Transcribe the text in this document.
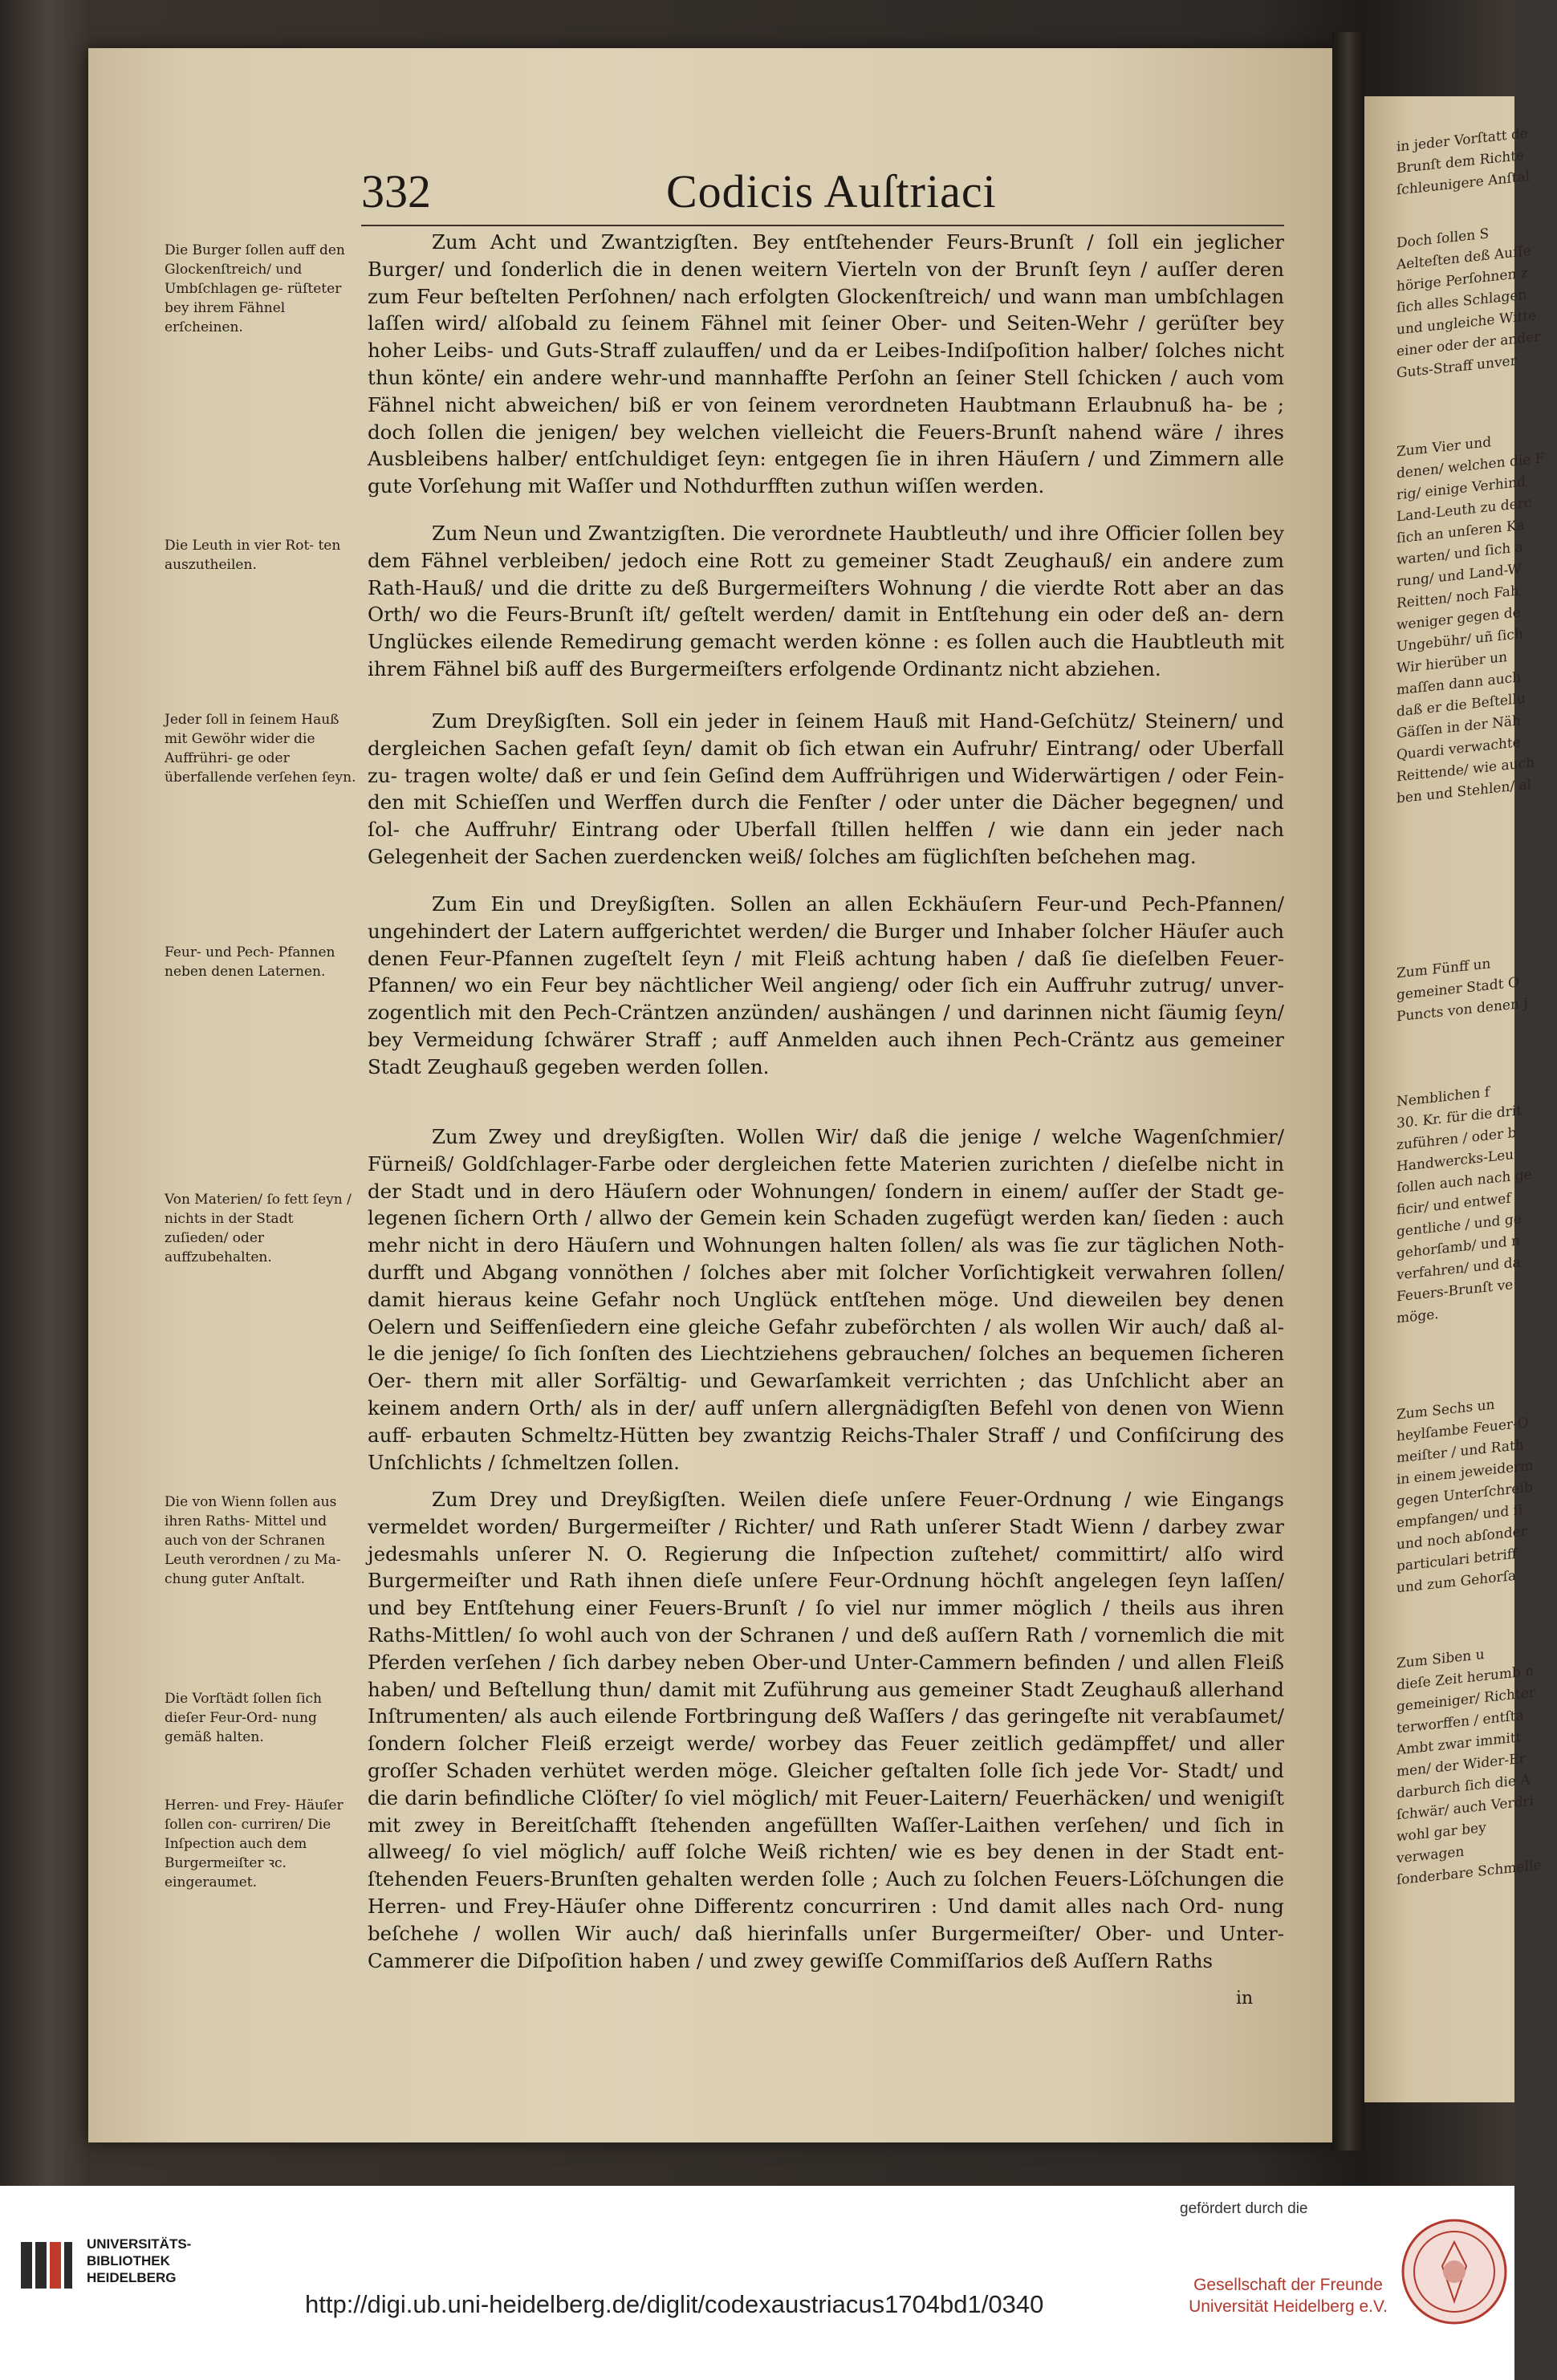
in jeder Vorſtatt de
Brunſt dem Richte
ſchleunigere Anſtal
Doch ſollen S
Aelteſten deß Auſſe
hörige Perſohnen z
ſich alles Schlagen
und ungleiche Witte
einer oder der ander
Guts-Straff unver
Zum Vier und
denen/ welchen die F
rig/ einige Verhind
Land-Leuth zu derc
ſich an unſeren Ka
warten/ und ſich a
rung/ und Land-W
Reitten/ noch Fah
weniger gegen de
Ungebühr/ uñ ſich
Wir hierüber un
maſſen dann auch
daß er die Beſtellu
Gäſſen in der Näh
Quardi verwachte
Reittende/ wie auch
ben und Stehlen/ al
Zum Fünff un
gemeiner Stadt O
Puncts von denen j
Nemblichen f
30. Kr. für die drit
zuführen / oder b
Handwercks-Leu
ſollen auch nach ge
ficir/ und entwef
gentliche / und ge
gehorſamb/ und n
verfahren/ und da
Feuers-Brunſt ve
möge.
Zum Sechs un
heylſambe Feuer-O
meiſter / und Rath
in einem jeweiderm
gegen Unterſchreib
empfangen/ und ſi
und noch abſonder
particulari betriff
und zum Gehorſa
Zum Siben u
dieſe Zeit herumb n
gemeiniger/ Richter
terworffen / entſta
Ambt zwar immitt
men/ der Wider-Er
darburch ſich die A
ſchwär/ auch Verdri
wohl gar bey verwagen
ſonderbare Schmelle
332	Codicis Auſtriaci
Die Burger ſollen auff den Glockenſtreich/ und Umbſchlagen ge- rüſteter bey ihrem Fähnel erſcheinen.
Die Leuth in vier Rot- ten auszutheilen.
Jeder ſoll in ſeinem Hauß mit Gewöhr wider die Auffrühri- ge oder überfallende verſehen ſeyn.
Feur- und Pech- Pfannen neben denen Laternen.
Von Materien/ ſo fett ſeyn / nichts in der Stadt zuſieden/ oder auffzubehalten.
Die von Wienn ſollen aus ihren Raths- Mittel und auch von der Schranen Leuth verordnen / zu Ma- chung guter Anſtalt.
Die Vorſtädt ſollen ſich dieſer Feur-Ord- nung gemäß halten.
Herren- und Frey- Häuſer ſollen con- curriren/ Die Inſpection auch dem Burgermeiſter ꝛc. eingeraumet.

Zum Acht und Zwantzigſten. Bey entſtehender Feurs-Brunſt / ſoll ein jeglicher Burger/ und ſonderlich die in denen weitern Vierteln von der Brunſt ſeyn / auſſer deren zum Feur beſtelten Perſohnen/ nach erfolgten Glockenſtreich/ und wann man umbſchlagen laſſen wird/ alſobald zu ſeinem Fähnel mit ſeiner Ober- und Seiten-Wehr / gerüſter bey hoher Leibs- und Guts-Straff zulauffen/ und da er Leibes-Indiſpoſition halber/ ſolches nicht thun könte/ ein andere wehr-und mannhaffte Perſohn an ſeiner Stell ſchicken / auch vom Fähnel nicht abweichen/ biß er von ſeinem verordneten Haubtmann Erlaubnuß ha- be ; doch ſollen die jenigen/ bey welchen vielleicht die Feuers-Brunſt nahend wäre / ihres Ausbleibens halber/ entſchuldiget ſeyn: entgegen ſie in ihren Häuſern / und Zimmern alle gute Vorſehung mit Waſſer und Nothdurfften zuthun wiſſen werden.

Zum Neun und Zwantzigſten. Die verordnete Haubtleuth/ und ihre Officier ſollen bey dem Fähnel verbleiben/ jedoch eine Rott zu gemeiner Stadt Zeughauß/ ein andere zum Rath-Hauß/ und die dritte zu deß Burgermeiſters Wohnung / die vierdte Rott aber an das Orth/ wo die Feurs-Brunſt iſt/ geſtelt werden/ damit in Entſtehung ein oder deß an- dern Unglückes eilende Remedirung gemacht werden könne : es ſollen auch die Haubtleuth mit ihrem Fähnel biß auff des Burgermeiſters erfolgende Ordinantz nicht abziehen.

Zum Dreyßigſten. Soll ein jeder in ſeinem Hauß mit Hand-Geſchütz/ Steinern/ und dergleichen Sachen gefaſt ſeyn/ damit ob ſich etwan ein Aufruhr/ Eintrang/ oder Uberfall zu- tragen wolte/ daß er und ſein Geſind dem Auffrührigen und Widerwärtigen / oder Fein- den mit Schieſſen und Werffen durch die Fenſter / oder unter die Dächer begegnen/ und ſol- che Auffruhr/ Eintrang oder Uberfall ſtillen helffen / wie dann ein jeder nach Gelegenheit der Sachen zuerdencken weiß/ ſolches am füglichſten beſchehen mag.

Zum Ein und Dreyßigſten. Sollen an allen Eckhäuſern Feur-und Pech-Pfannen/ ungehindert der Latern auffgerichtet werden/ die Burger und Inhaber ſolcher Häuſer auch denen Feur-Pfannen zugeſtelt ſeyn / mit Fleiß achtung haben / daß ſie dieſelben Feuer- Pfannen/ wo ein Feur bey nächtlicher Weil angieng/ oder ſich ein Auffruhr zutrug/ unver- zogentlich mit den Pech-Cräntzen anzünden/ aushängen / und darinnen nicht ſäumig ſeyn/ bey Vermeidung ſchwärer Straff ; auff Anmelden auch ihnen Pech-Cräntz aus gemeiner Stadt Zeughauß gegeben werden ſollen.

Zum Zwey und dreyßigſten. Wollen Wir/ daß die jenige / welche Wagenſchmier/ Fürneiß/ Goldſchlager-Farbe oder dergleichen fette Materien zurichten / dieſelbe nicht in der Stadt und in dero Häuſern oder Wohnungen/ ſondern in einem/ auſſer der Stadt ge- legenen ſichern Orth / allwo der Gemein kein Schaden zugefügt werden kan/ ſieden : auch mehr nicht in dero Häuſern und Wohnungen halten ſollen/ als was ſie zur täglichen Noth- durfft und Abgang vonnöthen / ſolches aber mit ſolcher Vorſichtigkeit verwahren ſollen/ damit hieraus keine Gefahr noch Unglück entſtehen möge. Und dieweilen bey denen Oelern und Seiffenſiedern eine gleiche Gefahr zubeförchten / als wollen Wir auch/ daß al- le die jenige/ ſo ſich ſonſten des Liechtziehens gebrauchen/ ſolches an bequemen ſicheren Oer- thern mit aller Sorfältig- und Gewarſamkeit verrichten ; das Unſchlicht aber an keinem andern Orth/ als in der/ auff unſern allergnädigſten Befehl von denen von Wienn auff- erbauten Schmeltz-Hütten bey zwantzig Reichs-Thaler Straff / und Confiſcirung des Unſchlichts / ſchmeltzen ſollen.

Zum Drey und Dreyßigſten. Weilen dieſe unſere Feuer-Ordnung / wie Eingangs vermeldet worden/ Burgermeiſter / Richter/ und Rath unſerer Stadt Wienn / darbey zwar jedesmahls unſerer N. O. Regierung die Inſpection zuſtehet/ committirt/ alſo wird Burgermeiſter und Rath ihnen dieſe unſere Feur-Ordnung höchſt angelegen ſeyn laſſen/ und bey Entſtehung einer Feuers-Brunſt / ſo viel nur immer möglich / theils aus ihren Raths-Mittlen/ ſo wohl auch von der Schranen / und deß auſſern Rath / vornemlich die mit Pferden verſehen / ſich darbey neben Ober-und Unter-Cammern befinden / und allen Fleiß haben/ und Beſtellung thun/ damit mit Zuführung aus gemeiner Stadt Zeughauß allerhand Inſtrumenten/ als auch eilende Fortbringung deß Waſſers / das geringeſte nit verabſaumet/ ſondern ſolcher Fleiß erzeigt werde/ worbey das Feuer zeitlich gedämpffet/ und aller groſſer Schaden verhütet werden möge. Gleicher geſtalten ſolle ſich jede Vor- Stadt/ und die darin befindliche Clöſter/ ſo viel möglich/ mit Feuer-Laitern/ Feuerhäcken/ und wenigiſt mit zwey in Bereitſchafft ſtehenden angefüllten Waſſer-Laithen verſehen/ und ſich in allweeg/ ſo viel möglich/ auff ſolche Weiß richten/ wie es bey denen in der Stadt ent- ſtehenden Feuers-Brunſten gehalten werden ſolle ; Auch zu ſolchen Feuers-Löſchungen die Herren- und Frey-Häuſer ohne Differentz concurriren : Und damit alles nach Ord- nung beſchehe / wollen Wir auch/ daß hierinfalls unſer Burgermeiſter/ Ober- und Unter- Cammerer die Diſpoſition haben / und zwey gewiſſe Commiſſarios deß Auſſern Raths

in
UNIVERSITÄTS-
BIBLIOTHEK
HEIDELBERG
http://digi.ub.uni-heidelberg.de/diglit/codexaustriacus1704bd1/0340
gefördert durch die
Gesellschaft der Freunde
Universität Heidelberg e.V.
